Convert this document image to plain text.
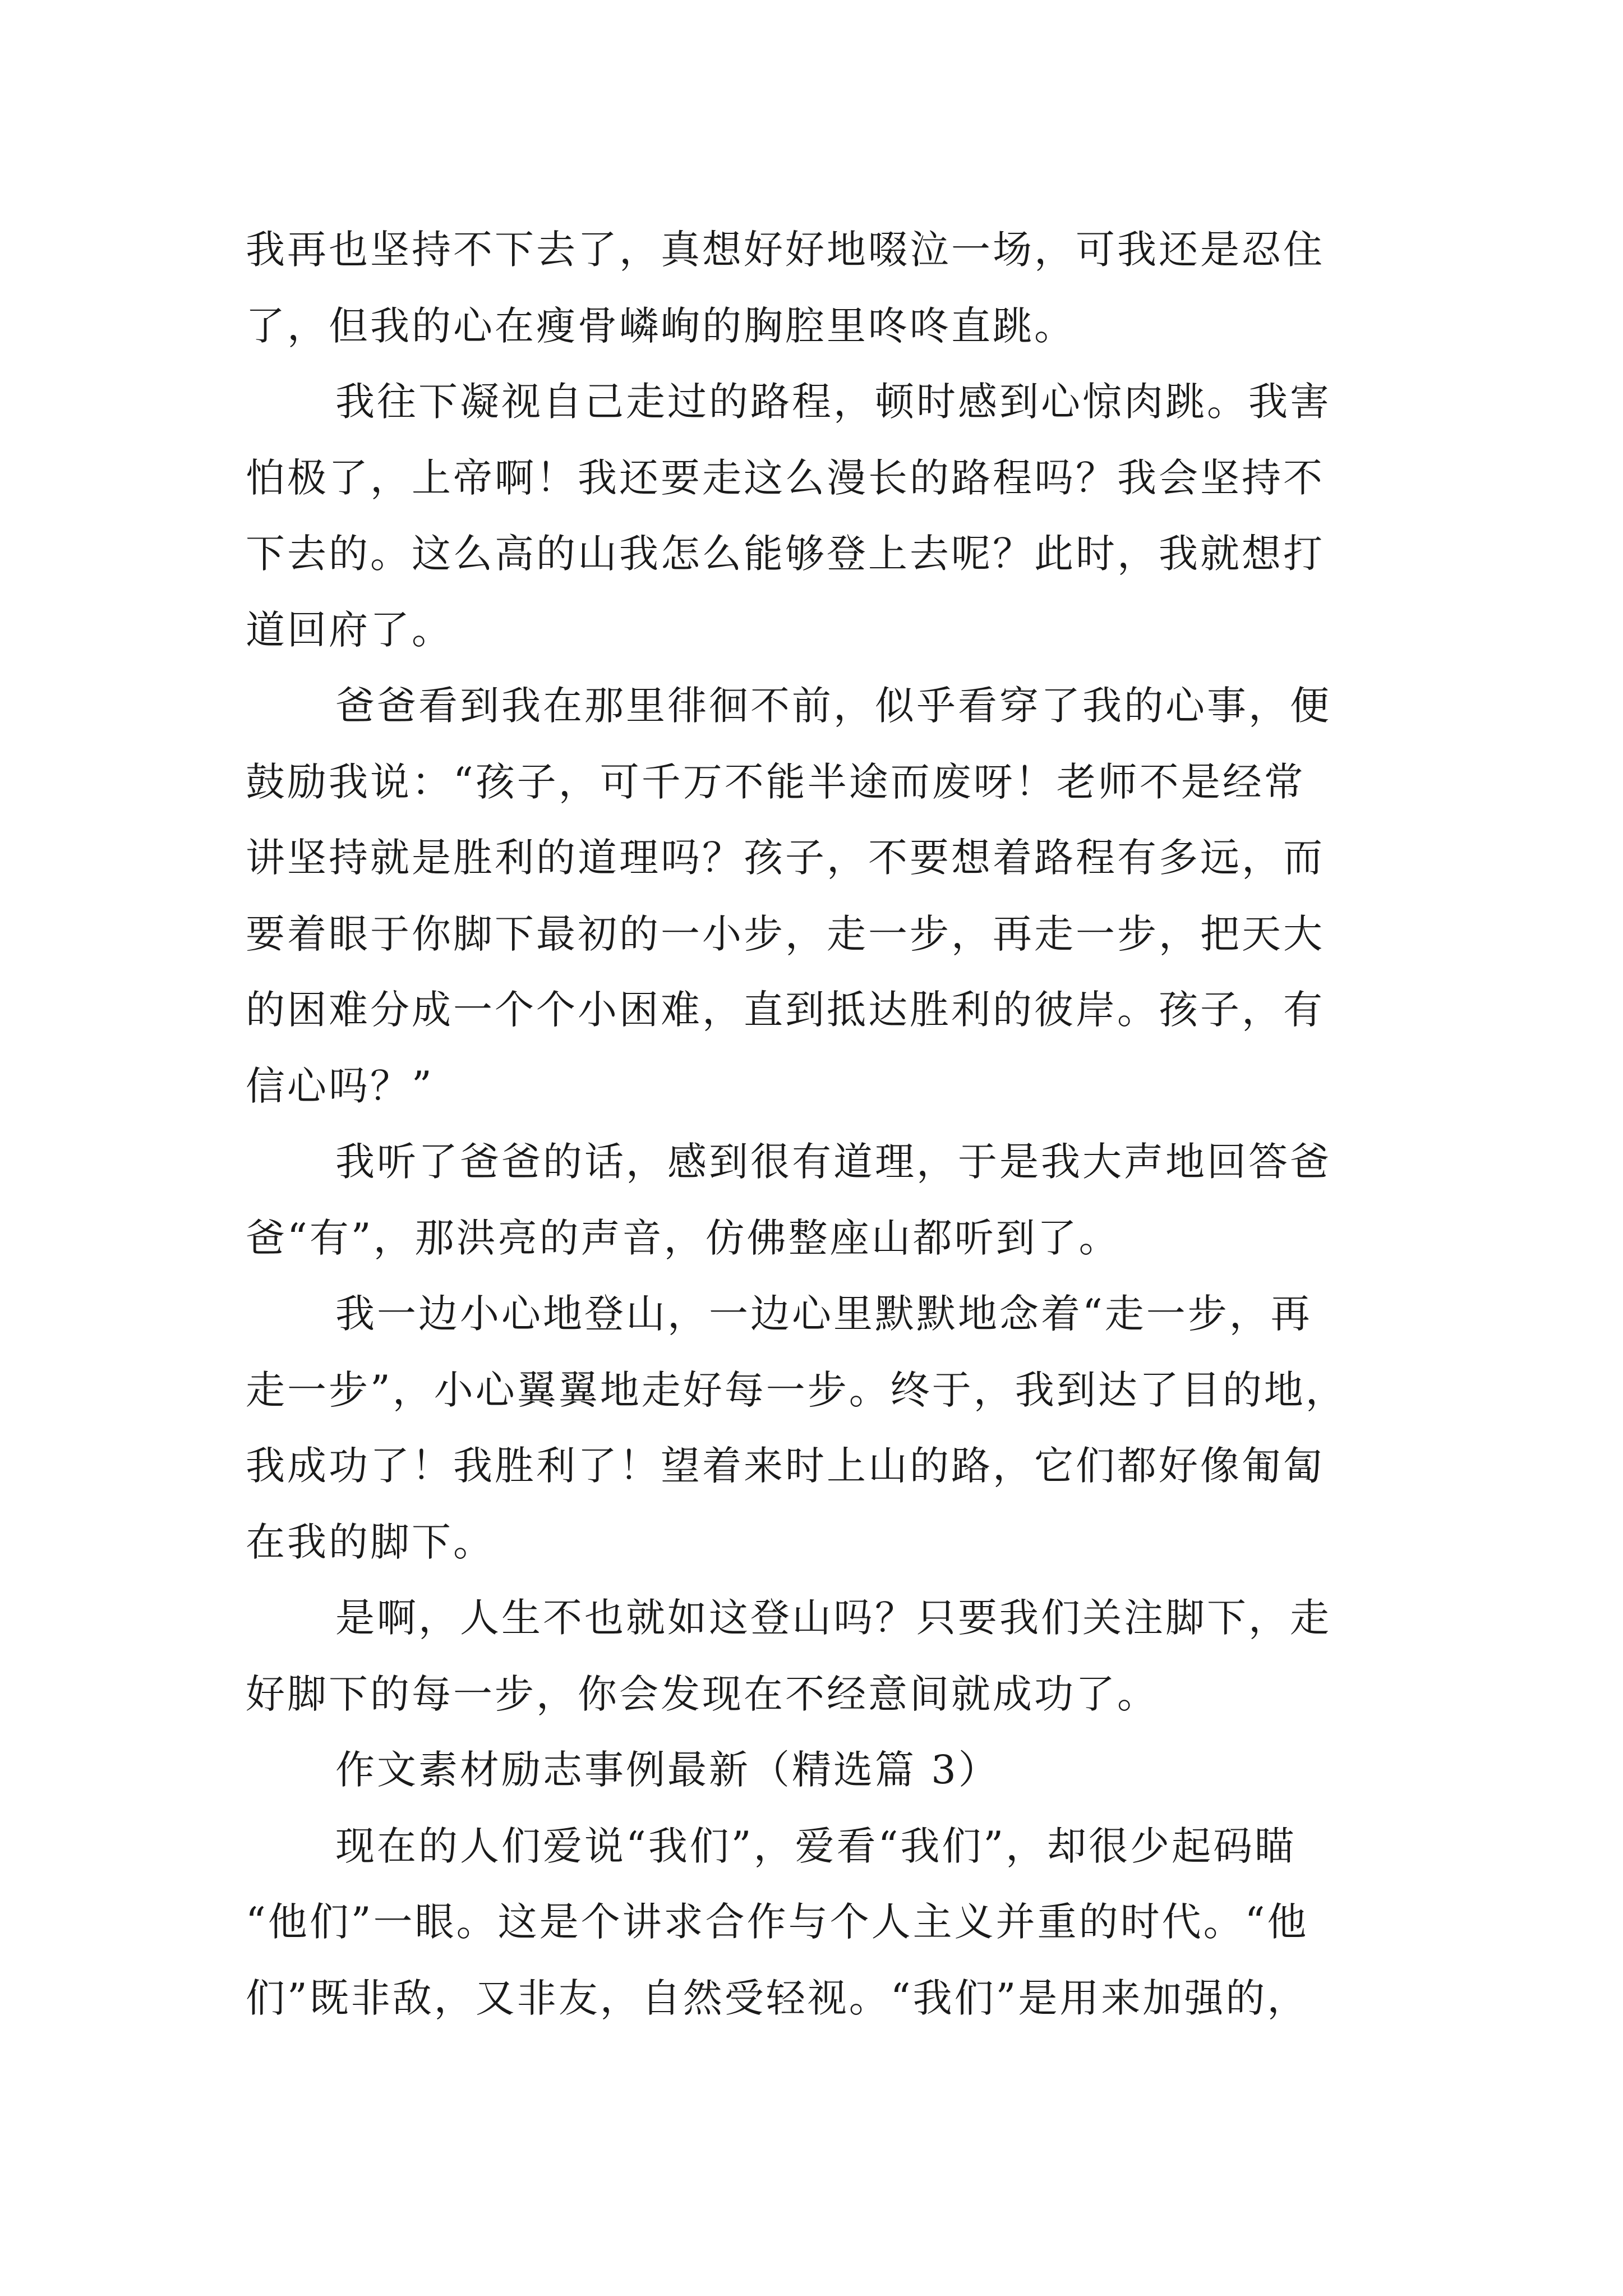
我再也坚持不下去了，真想好好地啜泣一场，可我还是忍住
了，但我的心在瘦骨嶙峋的胸腔里咚咚直跳。
我往下凝视自己走过的路程，顿时感到心惊肉跳。我害
怕极了，上帝啊！我还要走这么漫长的路程吗？我会坚持不
下去的。这么高的山我怎么能够登上去呢？此时，我就想打
道回府了。
爸爸看到我在那里徘徊不前，似乎看穿了我的心事，便
鼓励我说：“孩子，可千万不能半途而废呀！老师不是经常
讲坚持就是胜利的道理吗？孩子，不要想着路程有多远，而
要着眼于你脚下最初的一小步，走一步，再走一步，把天大
的困难分成一个个小困难，直到抵达胜利的彼岸。孩子，有
信心吗？”
我听了爸爸的话，感到很有道理，于是我大声地回答爸
爸“有”，那洪亮的声音，仿佛整座山都听到了。
我一边小心地登山，一边心里默默地念着“走一步，再
走一步”，小心翼翼地走好每一步。终于，我到达了目的地，
我成功了！我胜利了！望着来时上山的路，它们都好像匍匐
在我的脚下。
是啊，人生不也就如这登山吗？只要我们关注脚下，走
好脚下的每一步，你会发现在不经意间就成功了。
作文素材励志事例最新（精选篇 3）
现在的人们爱说“我们”，爱看“我们”，却很少起码瞄
“他们”一眼。这是个讲求合作与个人主义并重的时代。“他
们”既非敌，又非友，自然受轻视。“我们”是用来加强的，
